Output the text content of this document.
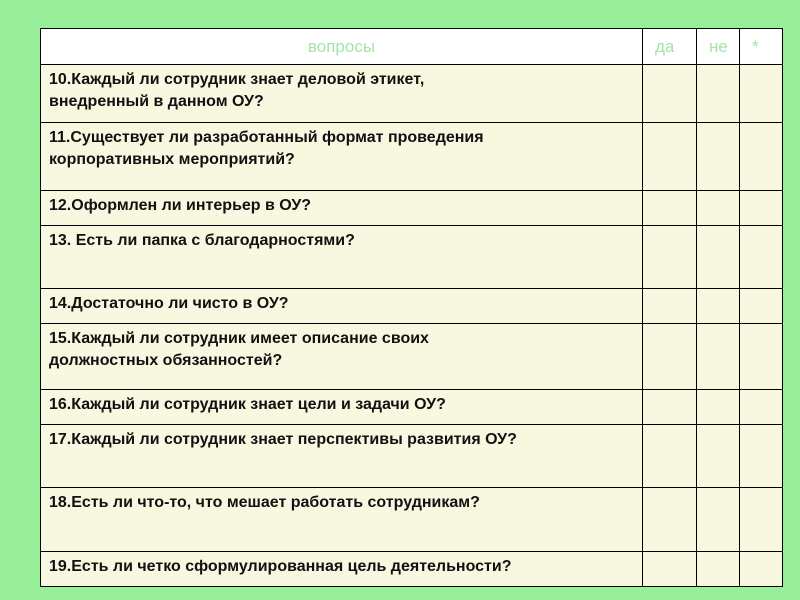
вопросы	да	не	*
10.Каждый ли сотрудник знает деловой этикет,
внедренный в данном ОУ?			
11.Существует ли разработанный формат проведения
корпоративных мероприятий?			
12.Оформлен ли интерьер в ОУ?			
13. Есть ли папка с благодарностями?			
14.Достаточно ли чисто в ОУ?			
15.Каждый ли сотрудник имеет описание своих
должностных обязанностей?			
16.Каждый ли сотрудник знает цели и задачи ОУ?			
17.Каждый ли сотрудник знает перспективы развития ОУ?			
18.Есть ли что-то, что мешает работать сотрудникам?			
19.Есть ли четко сформулированная цель деятельности?			
